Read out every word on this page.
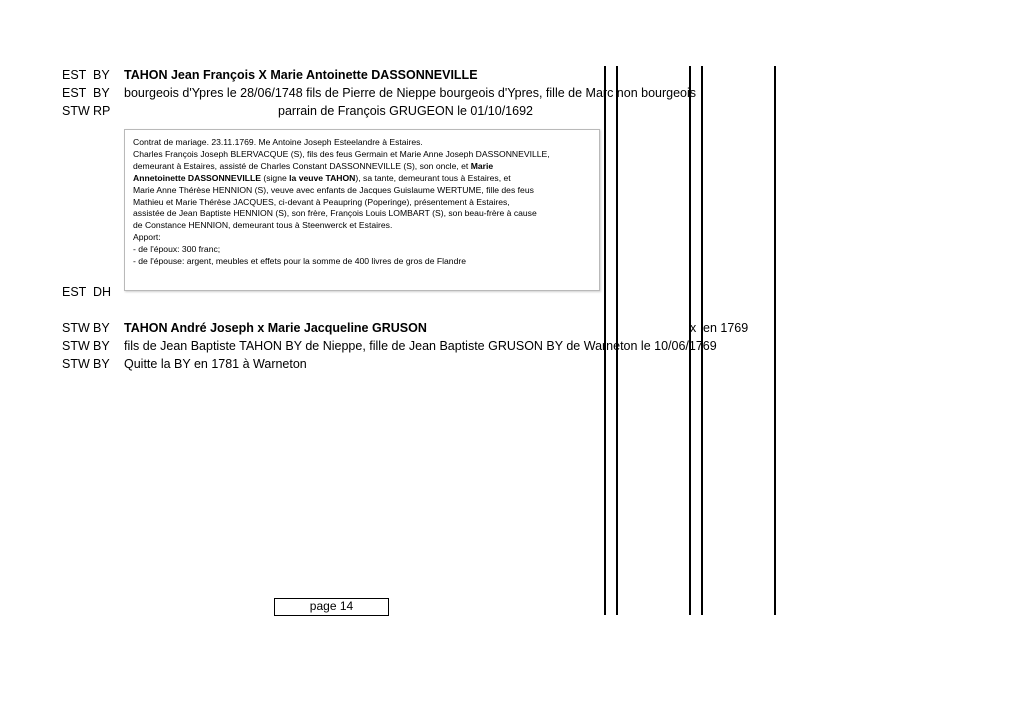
EST BY TAHON Jean François X Marie Antoinette DASSONNEVILLE
EST BY bourgeois d'Ypres le 28/06/1748 fils de Pierre de Nieppe bourgeois d'Ypres, fille de Marc non bourgeois
STW RP	parrain de François GRUGEON le 01/10/1692
Contrat de mariage. 23.11.1769. Me Antoine Joseph Esteelandre à Estaires.
Charles François Joseph BLERVACQUE (S), fils des feus Germain et Marie Anne Joseph DASSONNEVILLE,
demeurant à Estaires, assisté de Charles Constant DASSONNEVILLE (S), son oncle, et Marie
Annetoinette DASSONNEVILLE (signe la veuve TAHON), sa tante, demeurant tous à Estaires, et
Marie Anne Thérèse HENNION (S), veuve avec enfants de Jacques Guislaume WERTUME, fille des feus
Mathieu et Marie Thérèse JACQUES, ci-devant à Peaupring (Poperinge), présentement à Estaires,
assistée de Jean Baptiste HENNION (S), son frère, François Louis LOMBART (S), son beau-frère à cause
de Constance HENNION, demeurant tous à Steenwerck et Estaires.
Apport:
- de l'époux: 300 franc;
- de l'épouse: argent, meubles et effets pour la somme de 400 livres de gros de Flandre
EST DH
STW BY TAHON André Joseph x Marie Jacqueline GRUSON	x en 1769
STW BY fils de Jean Baptiste TAHON BY de Nieppe, fille de Jean Baptiste GRUSON BY de Warneton le 10/06/1769
STW BY Quitte la BY en 1781 à Warneton
page 14
